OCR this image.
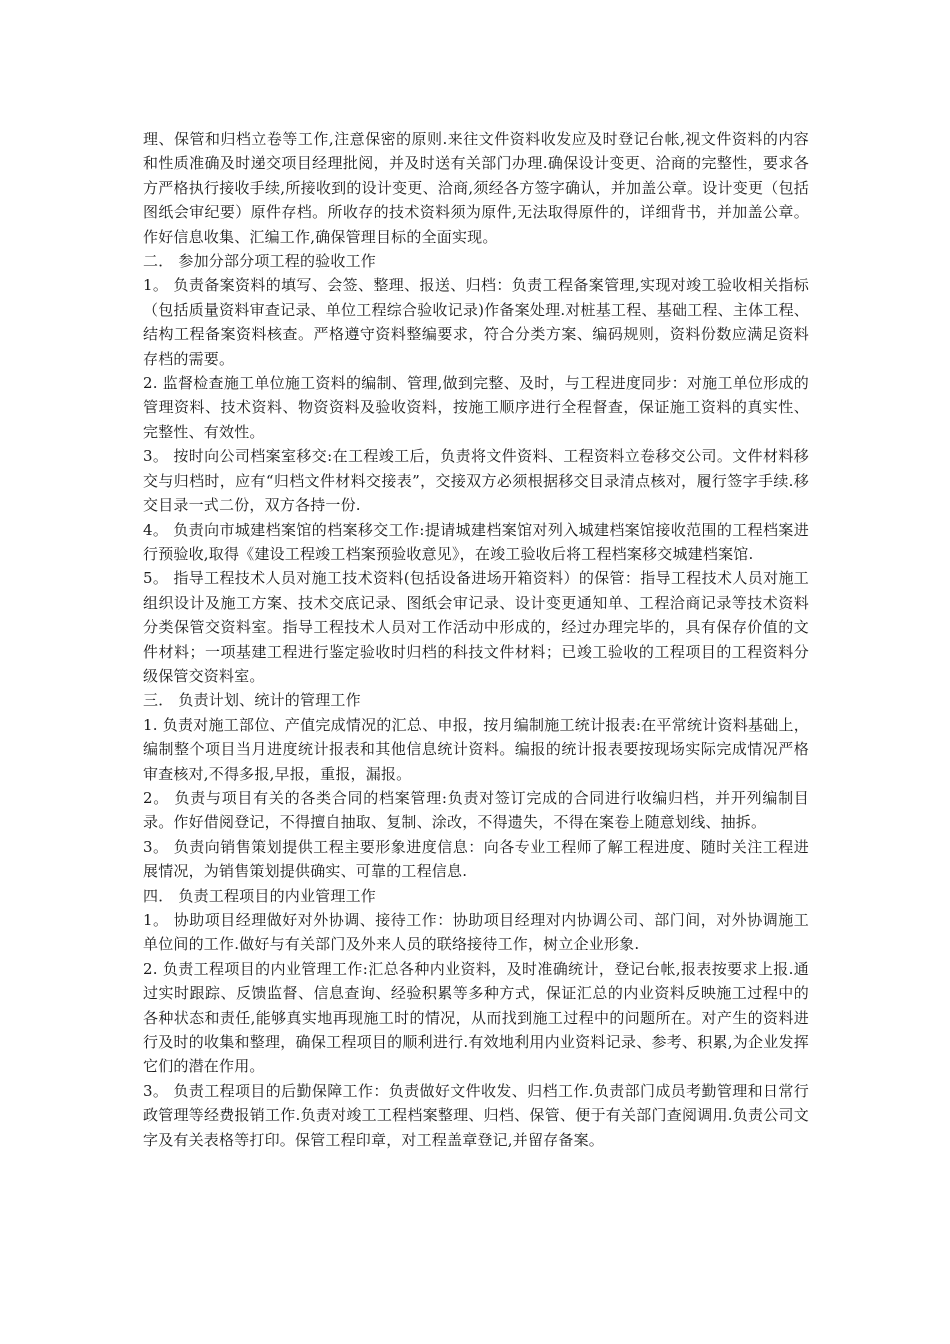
理、保管和归档立卷等工作,注意保密的原则.来往文件资料收发应及时登记台帐,视文件资料的内容和性质准确及时递交项目经理批阅，并及时送有关部门办理.确保设计变更、洽商的完整性，要求各方严格执行接收手续,所接收到的设计变更、洽商,须经各方签字确认，并加盖公章。设计变更（包括图纸会审纪要）原件存档。所收存的技术资料须为原件,无法取得原件的，详细背书，并加盖公章。作好信息收集、汇编工作,确保管理目标的全面实现。

二． 参加分部分项工程的验收工作

1。 负责备案资料的填写、会签、整理、报送、归档：负责工程备案管理,实现对竣工验收相关指标（包括质量资料审查记录、单位工程综合验收记录)作备案处理.对桩基工程、基础工程、主体工程、结构工程备案资料核查。严格遵守资料整编要求，符合分类方案、编码规则，资料份数应满足资料存档的需要。

2. 监督检查施工单位施工资料的编制、管理,做到完整、及时，与工程进度同步：对施工单位形成的管理资料、技术资料、物资资料及验收资料，按施工顺序进行全程督查，保证施工资料的真实性、完整性、有效性。

3。 按时向公司档案室移交:在工程竣工后，负责将文件资料、工程资料立卷移交公司。文件材料移交与归档时，应有“归档文件材料交接表”，交接双方必须根据移交目录清点核对，履行签字手续.移交目录一式二份，双方各持一份.

4。 负责向市城建档案馆的档案移交工作:提请城建档案馆对列入城建档案馆接收范围的工程档案进行预验收,取得《建设工程竣工档案预验收意见》，在竣工验收后将工程档案移交城建档案馆.

5。 指导工程技术人员对施工技术资料(包括设备进场开箱资料）的保管：指导工程技术人员对施工组织设计及施工方案、技术交底记录、图纸会审记录、设计变更通知单、工程洽商记录等技术资料分类保管交资料室。指导工程技术人员对工作活动中形成的，经过办理完毕的，具有保存价值的文件材料；一项基建工程进行鉴定验收时归档的科技文件材料；已竣工验收的工程项目的工程资料分级保管交资料室。

三． 负责计划、统计的管理工作

1. 负责对施工部位、产值完成情况的汇总、申报，按月编制施工统计报表:在平常统计资料基础上，编制整个项目当月进度统计报表和其他信息统计资料。编报的统计报表要按现场实际完成情况严格审查核对,不得多报,早报，重报，漏报。

2。 负责与项目有关的各类合同的档案管理:负责对签订完成的合同进行收编归档，并开列编制目录。作好借阅登记，不得擅自抽取、复制、涂改，不得遗失，不得在案卷上随意划线、抽拆。

3。 负责向销售策划提供工程主要形象进度信息：向各专业工程师了解工程进度、随时关注工程进展情况，为销售策划提供确实、可靠的工程信息.

四． 负责工程项目的内业管理工作

1。 协助项目经理做好对外协调、接待工作：协助项目经理对内协调公司、部门间，对外协调施工单位间的工作.做好与有关部门及外来人员的联络接待工作，树立企业形象.

2. 负责工程项目的内业管理工作:汇总各种内业资料，及时准确统计，登记台帐,报表按要求上报.通过实时跟踪、反馈监督、信息查询、经验积累等多种方式，保证汇总的内业资料反映施工过程中的各种状态和责任,能够真实地再现施工时的情况，从而找到施工过程中的问题所在。对产生的资料进行及时的收集和整理，确保工程项目的顺利进行.有效地利用内业资料记录、参考、积累,为企业发挥它们的潜在作用。

3。 负责工程项目的后勤保障工作：负责做好文件收发、归档工作.负责部门成员考勤管理和日常行政管理等经费报销工作.负责对竣工工程档案整理、归档、保管、便于有关部门查阅调用.负责公司文字及有关表格等打印。保管工程印章，对工程盖章登记,并留存备案。
